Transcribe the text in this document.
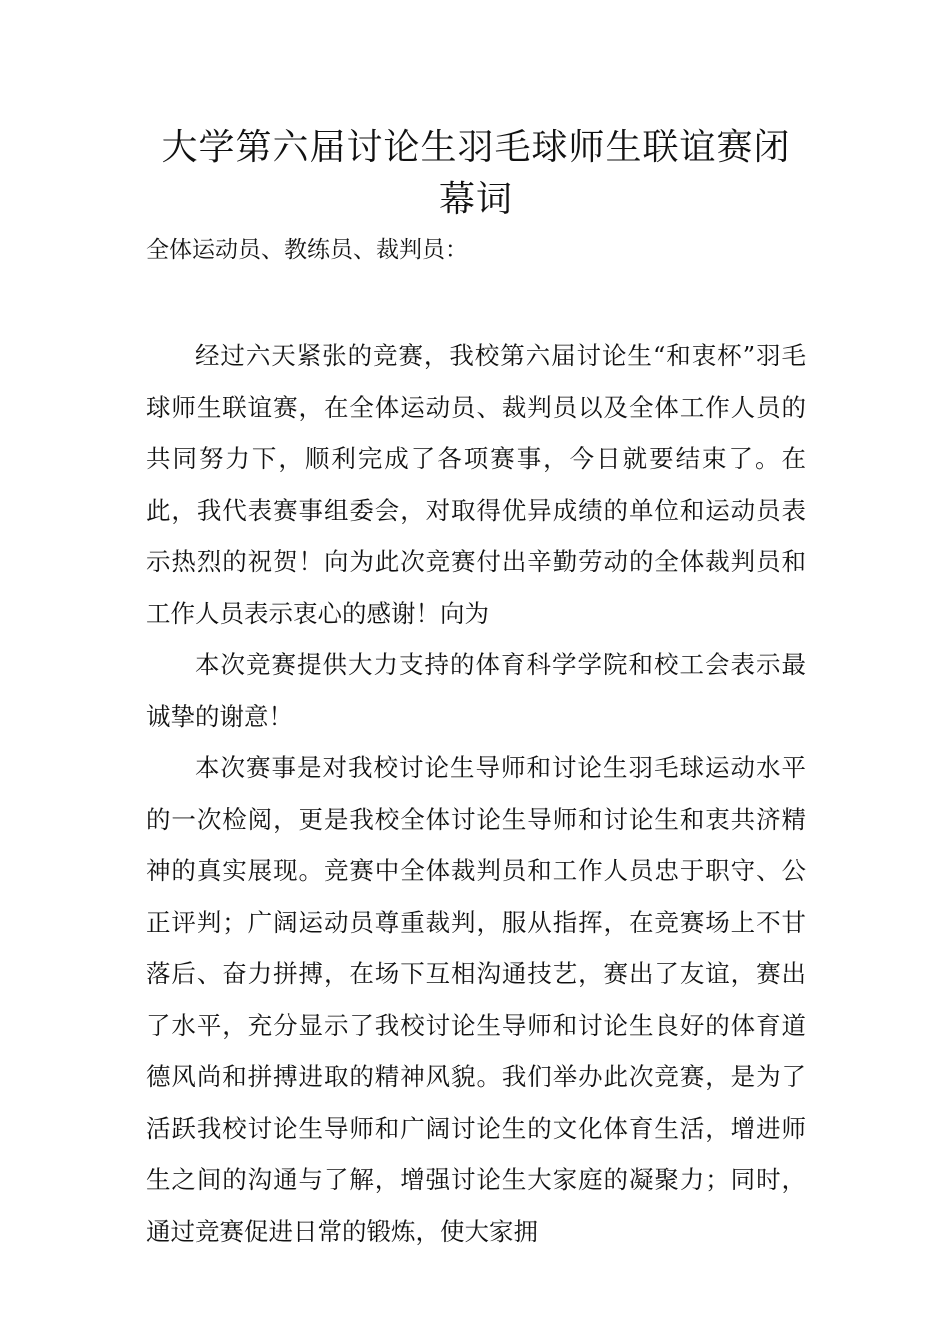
大学第六届讨论生羽毛球师生联谊赛闭幕词

全体运动员、教练员、裁判员：

经过六天紧张的竞赛，我校第六届讨论生“和衷杯”羽毛球师生联谊赛，在全体运动员、裁判员以及全体工作人员的共同努力下，顺利完成了各项赛事，今日就要结束了。在此，我代表赛事组委会，对取得优异成绩的单位和运动员表示热烈的祝贺！向为此次竞赛付出辛勤劳动的全体裁判员和工作人员表示衷心的感谢！向为

本次竞赛提供大力支持的体育科学学院和校工会表示最诚挚的谢意！

本次赛事是对我校讨论生导师和讨论生羽毛球运动水平的一次检阅，更是我校全体讨论生导师和讨论生和衷共济精神的真实展现。竞赛中全体裁判员和工作人员忠于职守、公正评判；广阔运动员尊重裁判，服从指挥，在竞赛场上不甘落后、奋力拼搏，在场下互相沟通技艺，赛出了友谊，赛出了水平，充分显示了我校讨论生导师和讨论生良好的体育道德风尚和拼搏进取的精神风貌。我们举办此次竞赛，是为了活跃我校讨论生导师和广阔讨论生的文化体育生活，增进师生之间的沟通与了解，增强讨论生大家庭的凝聚力；同时，通过竞赛促进日常的锻炼，使大家拥
